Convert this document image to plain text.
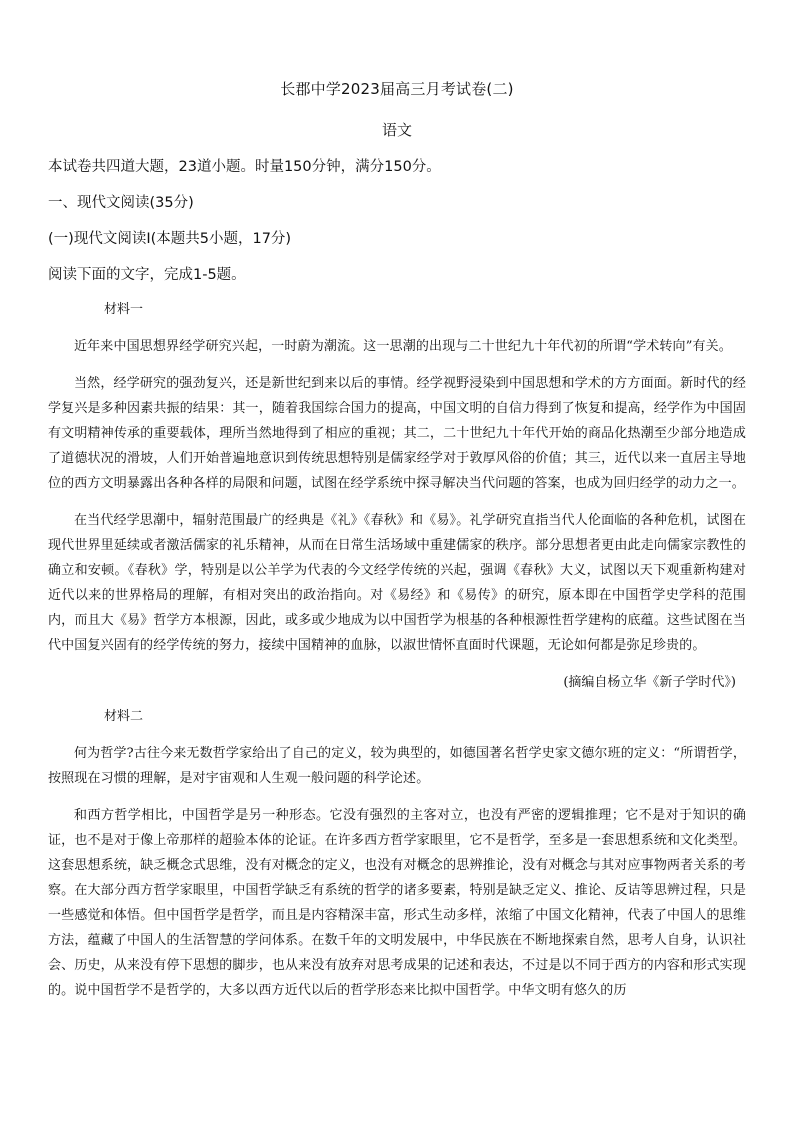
长郡中学2023届高三月考试卷(二)
语文
本试卷共四道大题，23道小题。时量150分钟，满分150分。
一、现代文阅读(35分)
(一)现代文阅读Ⅰ(本题共5小题，17分)
阅读下面的文字，完成1-5题。
材料一

近年来中国思想界经学研究兴起，一时蔚为潮流。这一思潮的出现与二十世纪九十年代初的所谓“学术转向”有关。

当然，经学研究的强劲复兴，还是新世纪到来以后的事情。经学视野浸染到中国思想和学术的方方面面。新时代的经学复兴是多种因素共振的结果：其一，随着我国综合国力的提高，中国文明的自信力得到了恢复和提高，经学作为中国固有文明精神传承的重要载体，理所当然地得到了相应的重视；其二，二十世纪九十年代开始的商品化热潮至少部分地造成了道德状况的滑坡，人们开始普遍地意识到传统思想特别是儒家经学对于敦厚风俗的价值；其三，近代以来一直居主导地位的西方文明暴露出各种各样的局限和问题，试图在经学系统中探寻解决当代问题的答案，也成为回归经学的动力之一。

在当代经学思潮中，辐射范围最广的经典是《礼》《春秋》和《易》。礼学研究直指当代人伦面临的各种危机，试图在现代世界里延续或者激活儒家的礼乐精神，从而在日常生活场域中重建儒家的秩序。部分思想者更由此走向儒家宗教性的确立和安顿。《春秋》学，特别是以公羊学为代表的今文经学传统的兴起，强调《春秋》大义，试图以天下观重新构建对近代以来的世界格局的理解，有相对突出的政治指向。对《易经》和《易传》的研究，原本即在中国哲学史学科的范围内，而且大《易》哲学方本根源，因此，或多或少地成为以中国哲学为根基的各种根源性哲学建构的底蕴。这些试图在当代中国复兴固有的经学传统的努力，接续中国精神的血脉，以淑世情怀直面时代课题，无论如何都是弥足珍贵的。

(摘编自杨立华《新子学时代》)
材料二

何为哲学?古往今来无数哲学家给出了自己的定义，较为典型的，如德国著名哲学史家文德尔班的定义：“所谓哲学，按照现在习惯的理解，是对宇宙观和人生观一般问题的科学论述。

和西方哲学相比，中国哲学是另一种形态。它没有强烈的主客对立，也没有严密的逻辑推理；它不是对于知识的确证，也不是对于像上帝那样的超验本体的论证。在许多西方哲学家眼里，它不是哲学，至多是一套思想系统和文化类型。这套思想系统，缺乏概念式思维，没有对概念的定义，也没有对概念的思辨推论，没有对概念与其对应事物两者关系的考察。在大部分西方哲学家眼里，中国哲学缺乏有系统的哲学的诸多要素，特别是缺乏定义、推论、反诘等思辨过程，只是一些感觉和体悟。但中国哲学是哲学，而且是内容精深丰富，形式生动多样，浓缩了中国文化精神，代表了中国人的思维方法，蕴藏了中国人的生活智慧的学问体系。在数千年的文明发展中，中华民族在不断地探索自然，思考人自身，认识社会、历史，从来没有停下思想的脚步，也从来没有放弃对思考成果的记述和表达，不过是以不同于西方的内容和形式实现的。说中国哲学不是哲学的，大多以西方近代以后的哲学形态来比拟中国哲学。中华文明有悠久的历
